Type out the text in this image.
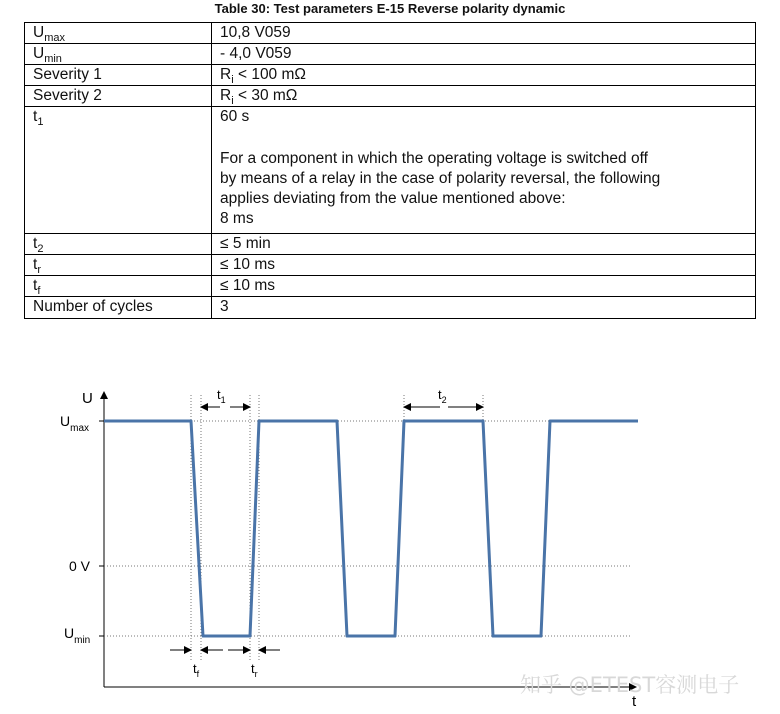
Table 30: Test parameters E-15 Reverse polarity dynamic
$U_{max}$	10,8 V059
$U_{min}$	- 4,0 V059
Severity 1	$R_i < 100$ mΩ
Severity 2	$R_i < 30$ mΩ
$t_1$	60 s
For a component in which the operating voltage is switched off
by means of a relay in the case of polarity reversal, the following
applies deviating from the value mentioned above:
8 ms

$t_2$	≤ 5 min
$t_r$	≤ 10 ms
$t_f$	≤ 10 ms
Number of cycles	3
U
t
$U_{max}$
0 V
$U_{min}$
$t_1$	$t_2$
$t_f$	$t_r$	知乎 @ETEST容测电子
